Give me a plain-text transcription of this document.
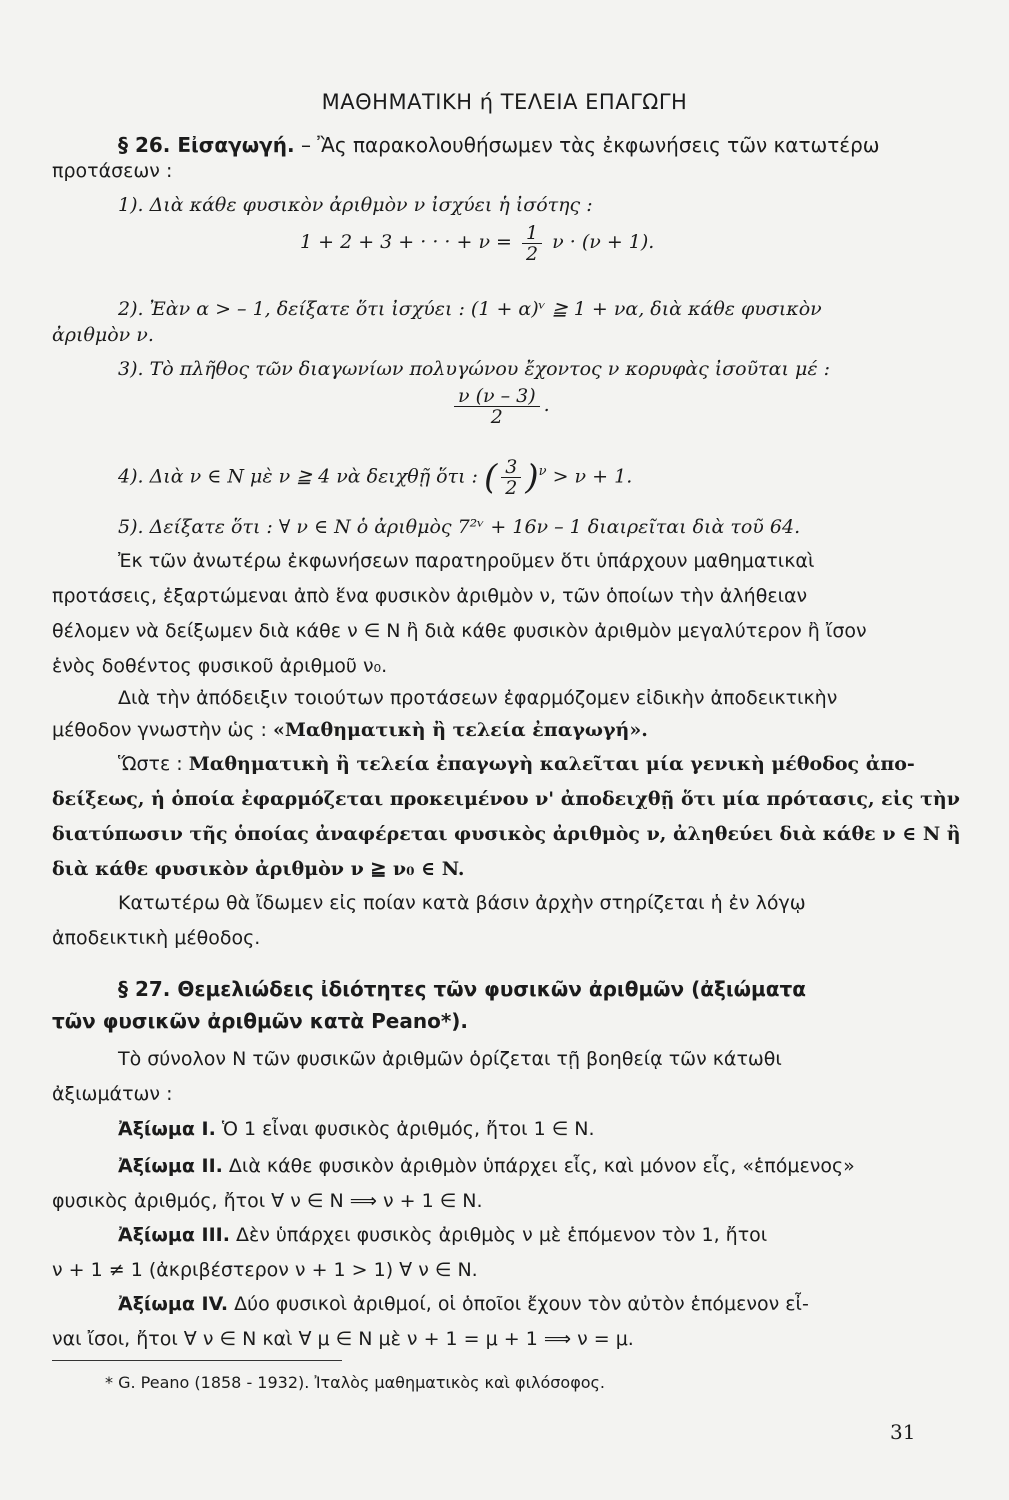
ΜΑΘΗΜΑΤΙΚΗ ή ΤΕΛΕΙΑ ΕΠΑΓΩΓΗ
§ 26. Εἰσαγωγή. – Ἂς παρακολουθήσωμεν τὰς ἐκφωνήσεις τῶν κατωτέρω
προτάσεων :
1). Διὰ κάθε φυσικὸν ἀριθμὸν ν ἰσχύει ἡ ἰσότης :
1 + 2 + 3 + · · · + $\nu = \frac{1}{2}$ ν · (ν + 1).
2). Ἐὰν α > – 1, δείξατε ὅτι ἰσχύει : (1 + α)ᵛ ≧ 1 + να, διὰ κάθε φυσικὸν
ἀριθμὸν ν.
3). Τὸ πλῆθος τῶν διαγωνίων πολυγώνου ἔχοντος ν κορυφὰς ἰσοῦται μέ :
$\frac{\nu (\nu - 3)}{2}$ .
4). Διὰ ν ∈ N μὲ ν ≧ 4 νὰ δειχθῇ ὅτι : ( $\frac{3}{2} )^\nu > \nu + 1$.
5). Δείξατε ὅτι : ∀ ν ∈ N ὁ ἀριθμὸς 7²ᵛ + 16ν – 1 διαιρεῖται διὰ τοῦ 64.
Ἐκ τῶν ἀνωτέρω ἐκφωνήσεων παρατηροῦμεν ὅτι ὑπάρχουν μαθηματικαὶ
προτάσεις, ἐξαρτώμεναι ἀπὸ ἕνα φυσικὸν ἀριθμὸν ν, τῶν ὁποίων τὴν ἀλήθειαν
θέλομεν νὰ δείξωμεν διὰ κάθε ν ∈ N ἢ διὰ κάθε φυσικὸν ἀριθμὸν μεγαλύτερον ἢ ἴσον
ἑνὸς δοθέντος φυσικοῦ ἀριθμοῦ ν₀.
Διὰ τὴν ἀπόδειξιν τοιούτων προτάσεων ἐφαρμόζομεν εἰδικὴν ἀποδεικτικὴν
μέθοδον γνωστὴν ὡς : «Μαθηματικὴ ἢ τελεία ἐπαγωγή».
Ὥστε : Μαθηματικὴ ἢ τελεία ἐπαγωγὴ καλεῖται μία γενικὴ μέθοδος ἀπο-
δείξεως, ἡ ὁποία ἐφαρμόζεται προκειμένου ν' ἀποδειχθῇ ὅτι μία πρότασις, εἰς τὴν
διατύπωσιν τῆς ὁποίας ἀναφέρεται φυσικὸς ἀριθμὸς ν, ἀληθεύει διὰ κάθε ν ∈ N ἢ
διὰ κάθε φυσικὸν ἀριθμὸν ν ≧ ν₀ ∈ N.
Κατωτέρω θὰ ἴδωμεν εἰς ποίαν κατὰ βάσιν ἀρχὴν στηρίζεται ἡ ἐν λόγῳ
ἀποδεικτικὴ μέθοδος.
§ 27. Θεμελιώδεις ἰδιότητες τῶν φυσικῶν ἀριθμῶν (ἀξιώματα
τῶν φυσικῶν ἀριθμῶν κατὰ Peano*).
Τὸ σύνολον N τῶν φυσικῶν ἀριθμῶν ὁρίζεται τῇ βοηθείᾳ τῶν κάτωθι
ἀξιωμάτων :
Ἀξίωμα I. Ὁ 1 εἶναι φυσικὸς ἀριθμός, ἤτοι 1 ∈ N.
Ἀξίωμα II. Διὰ κάθε φυσικὸν ἀριθμὸν ὑπάρχει εἷς, καὶ μόνον εἷς, «ἑπόμενος»
φυσικὸς ἀριθμός, ἤτοι ∀ ν ∈ N ⟹ ν + 1 ∈ N.
Ἀξίωμα III. Δὲν ὑπάρχει φυσικὸς ἀριθμὸς ν μὲ ἑπόμενον τὸν 1, ἤτοι
ν + 1 ≠ 1 (ἀκριβέστερον ν + 1 > 1) ∀ ν ∈ N.
Ἀξίωμα IV. Δύο φυσικοὶ ἀριθμοί, οἱ ὁποῖοι ἔχουν τὸν αὐτὸν ἑπόμενον εἶ-
ναι ἴσοι, ἤτοι ∀ ν ∈ N καὶ ∀ μ ∈ N μὲ ν + 1 = μ + 1 ⟹ ν = μ.
* G. Peano (1858 - 1932). Ἰταλὸς μαθηματικὸς καὶ φιλόσοφος.
31
